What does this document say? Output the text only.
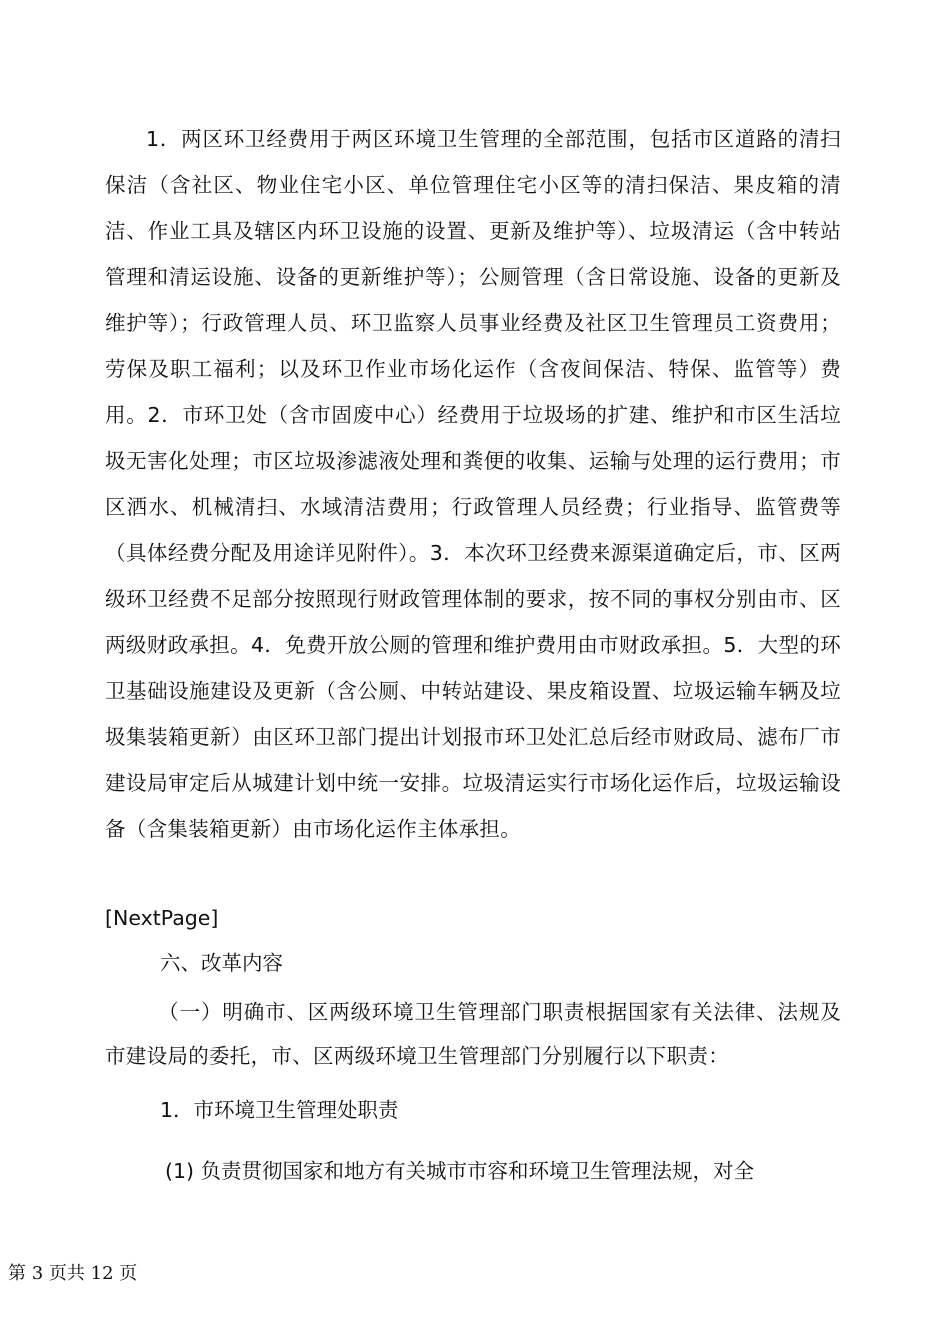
1．两区环卫经费用于两区环境卫生管理的全部范围，包括市区道路的清扫保洁（含社区、物业住宅小区、单位管理住宅小区等的清扫保洁、果皮箱的清洁、作业工具及辖区内环卫设施的设置、更新及维护等）、垃圾清运（含中转站管理和清运设施、设备的更新维护等）；公厕管理（含日常设施、设备的更新及维护等）；行政管理人员、环卫监察人员事业经费及社区卫生管理员工资费用；劳保及职工福利；以及环卫作业市场化运作（含夜间保洁、特保、监管等）费用。2．市环卫处（含市固废中心）经费用于垃圾场的扩建、维护和市区生活垃圾无害化处理；市区垃圾渗滤液处理和粪便的收集、运输与处理的运行费用；市区洒水、机械清扫、水域清洁费用；行政管理人员经费；行业指导、监管费等（具体经费分配及用途详见附件）。3．本次环卫经费来源渠道确定后，市、区两级环卫经费不足部分按照现行财政管理体制的要求，按不同的事权分别由市、区两级财政承担。4．免费开放公厕的管理和维护费用由市财政承担。5．大型的环卫基础设施建设及更新（含公厕、中转站建设、果皮箱设置、垃圾运输车辆及垃圾集装箱更新）由区环卫部门提出计划报市环卫处汇总后经市财政局、滤布厂市建设局审定后从城建计划中统一安排。垃圾清运实行市场化运作后，垃圾运输设备（含集装箱更新）由市场化运作主体承担。

[NextPage]

六、改革内容

（一）明确市、区两级环境卫生管理部门职责根据国家有关法律、法规及市建设局的委托，市、区两级环境卫生管理部门分别履行以下职责：

1．市环境卫生管理处职责

(1) 负责贯彻国家和地方有关城市市容和环境卫生管理法规，对全

第 3 页共 12 页
